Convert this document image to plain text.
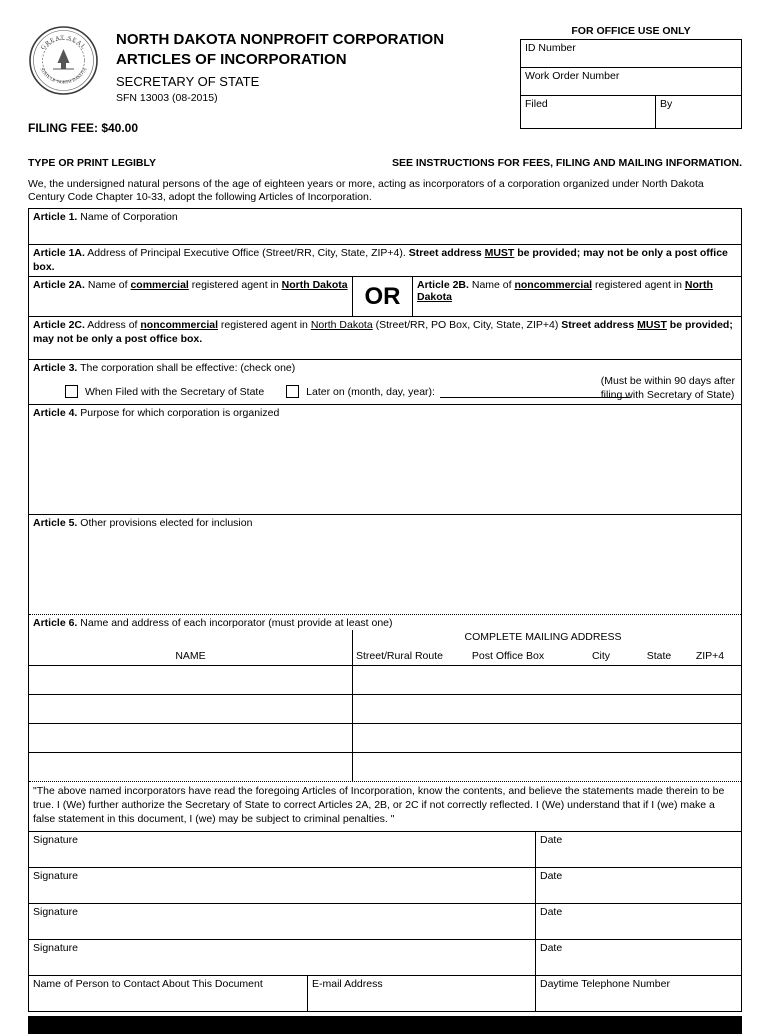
GREAT SEAL
STATE OF NORTH DAKOTA
NORTH DAKOTA NONPROFIT CORPORATION
ARTICLES OF INCORPORATION
SECRETARY OF STATE
SFN 13003 (08-2015)
FILING FEE: $40.00
FOR OFFICE USE ONLY
ID Number
Work Order Number
Filed	By
TYPE OR PRINT LEGIBLY	SEE INSTRUCTIONS FOR FEES, FILING AND MAILING INFORMATION.
We, the undersigned natural persons of the age of eighteen years or more, acting as incorporators of a corporation organized under North Dakota Century Code Chapter 10-33, adopt the following Articles of Incorporation.
Article 1. Name of Corporation
Article 1A. Address of Principal Executive Office (Street/RR, City, State, ZIP+4). Street address MUST be provided; may not be only a post office box.
Article 2A. Name of commercial registered agent in North Dakota OR	Article 2B. Name of noncommercial registered agent in North Dakota
Article 2C. Address of noncommercial registered agent in North Dakota (Street/RR, PO Box, City, State, ZIP+4) Street address MUST be provided; may not be only a post office box.
Article 3. The corporation shall be effective: (check one)
When Filed with the Secretary of State	Later on (month, day, year):
(Must be within 90 days after
filing with Secretary of State)
Article 4. Purpose for which corporation is organized
Article 5. Other provisions elected for inclusion
Article 6. Name and address of each incorporator (must provide at least one)
NAME
COMPLETE MAILING ADDRESS
Street/Rural Route	Post Office Box	City	State	ZIP+4
"The above named incorporators have read the foregoing Articles of Incorporation, know the contents, and believe the statements made therein to be true. I (We) further authorize the Secretary of State to correct Articles 2A, 2B, or 2C if not correctly reflected. I (We) understand that if I (we) make a false statement in this document, I (we) may be subject to criminal penalties. "
Signature	Date
Signature	Date
Signature	Date
Signature	Date
Name of Person to Contact About This Document	E-mail Address	Daytime Telephone Number
